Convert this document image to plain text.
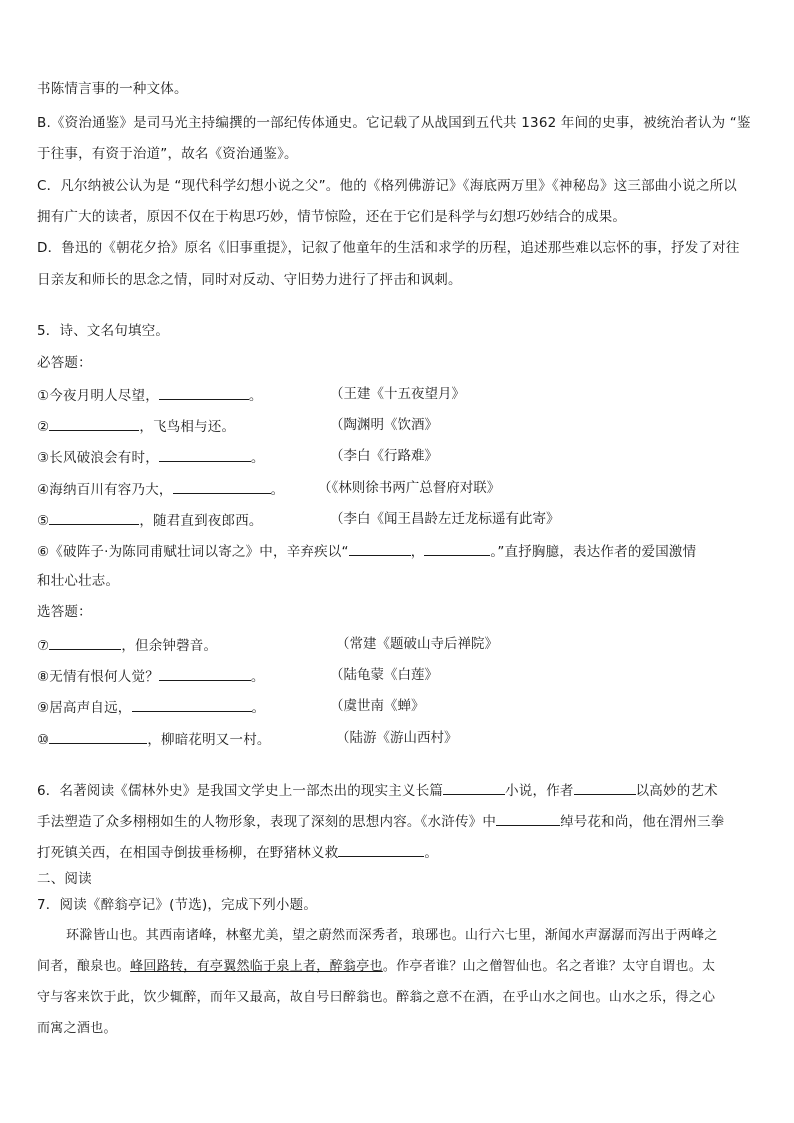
书陈情言事的一种文体。
B.《资治通鉴》是司马光主持编撰的一部纪传体通史。它记载了从战国到五代共 1362 年间的史事，被统治者认为 “鉴
于往事，有资于治道”，故名《资治通鉴》。
C．凡尔纳被公认为是 “现代科学幻想小说之父”。他的《格列佛游记》《海底两万里》《神秘岛》这三部曲小说之所以
拥有广大的读者，原因不仅在于构思巧妙，情节惊险，还在于它们是科学与幻想巧妙结合的成果。
D．鲁迅的《朝花夕拾》原名《旧事重提》，记叙了他童年的生活和求学的历程，追述那些难以忘怀的事，抒发了对往
日亲友和师长的思念之情，同时对反动、守旧势力进行了抨击和讽刺。
5．诗、文名句填空。
必答题：
①今夜月明人尽望，	。	（王建《十五夜望月》
②	，飞鸟相与还。	（陶渊明《饮酒》
③长风破浪会有时，	。	（李白《行路难》
④海纳百川有容乃大，	。 （《林则徐书两广总督府对联》
⑤	，随君直到夜郎西。	（李白《闻王昌龄左迁龙标遥有此寄》
⑥《破阵子·为陈同甫赋壮词以寄之》中，辛弃疾以“	，	。”直抒胸臆，表达作者的爱国激情
和壮心壮志。
选答题：
⑦	，但余钟磬音。	（常建《题破山寺后禅院》
⑧无情有恨何人觉？	。	（陆龟蒙《白莲》
⑨居高声自远，	。	（虞世南《蝉》
⑩	，柳暗花明又一村。	（陆游《游山西村》
6．名著阅读《儒林外史》是我国文学史上一部杰出的现实主义长篇	小说，作者	以高妙的艺术
手法塑造了众多栩栩如生的人物形象，表现了深刻的思想内容。《水浒传》中	绰号花和尚，他在渭州三拳
打死镇关西，在相国寺倒拔垂杨柳，在野猪林义救	。
二、阅读
7．阅读《醉翁亭记》(节选)，完成下列小题。
环滁皆山也。其西南诸峰，林壑尤美，望之蔚然而深秀者，琅琊也。山行六七里，渐闻水声潺潺而泻出于两峰之
间者，酿泉也。峰回路转，有亭翼然临于泉上者，醉翁亭也。作亭者谁？山之僧智仙也。名之者谁？太守自谓也。太
守与客来饮于此，饮少辄醉，而年又最高，故自号曰醉翁也。醉翁之意不在酒，在乎山水之间也。山水之乐，得之心
而寓之酒也。
